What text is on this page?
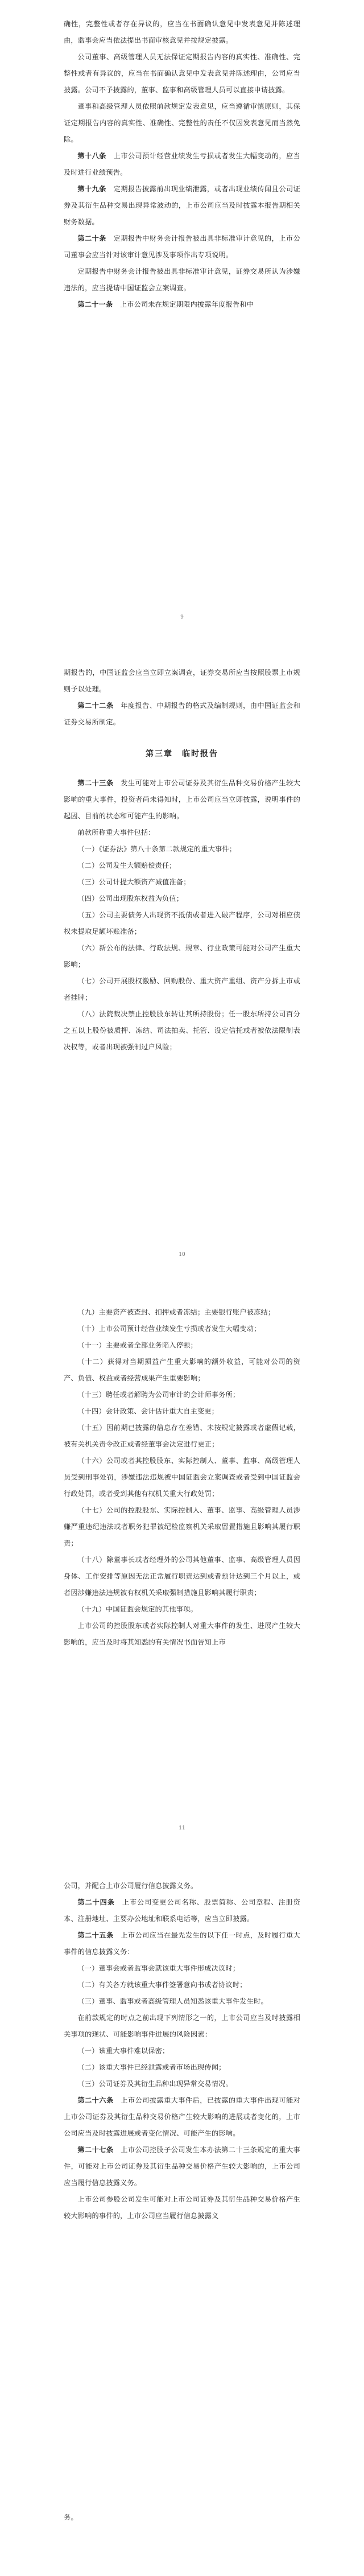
确性，完整性或者存在异议的，应当在书面确认意见中发表意见并陈述理由，监事会应当依法提出书面审核意见并按规定披露。

公司董事、高级管理人员无法保证定期报告内容的真实性、准确性、完整性或者有异议的，应当在书面确认意见中发表意见并陈述理由，公司应当披露。公司不予披露的，董事、监事和高级管理人员可以直接申请披露。

董事和高级管理人员依照前款规定发表意见，应当遵循审慎原则，其保证定期报告内容的真实性、准确性、完整性的责任不仅因发表意见而当然免除。

第十八条　 上市公司预计经营业绩发生亏损或者发生大幅变动的，应当及时进行业绩预告。

第十九条　 定期报告披露前出现业绩泄露，或者出现业绩传闻且公司证券及其衍生品种交易出现异常波动的，上市公司应当及时披露本报告期相关财务数据。

第二十条　 定期报告中财务会计报告被出具非标准审计意见的，上市公司董事会应当针对该审计意见涉及事项作出专项说明。

定期报告中财务会计报告被出具非标准审计意见，证券交易所认为涉嫌违法的，应当提请中国证监会立案调查。

第二十一条　 上市公司未在规定期限内披露年度报告和中

9

期报告的，中国证监会应当立即立案调查，证券交易所应当按照股票上市规则予以处理。

第二十二条　 年度报告、中期报告的格式及编制规则，由中国证监会和证券交易所制定。

第三章　临时报告

第二十三条　 发生可能对上市公司证券及其衍生品种交易价格产生较大影响的重大事件，投资者尚未得知时，上市公司应当立即披露，说明事件的起因、目前的状态和可能产生的影响。

前款所称重大事件包括：

（一）《证券法》第八十条第二款规定的重大事件；

（二）公司发生大额赔偿责任；

（三）公司计提大额资产减值准备；

（四）公司出现股东权益为负值；

（五）公司主要债务人出现资不抵债或者进入破产程序，公司对相应债权未提取足额坏账准备；

（六）新公布的法律、行政法规、规章、行业政策可能对公司产生重大影响；

（七）公司开展股权激励、回购股份、重大资产重组、资产分拆上市或者挂牌；

（八）法院裁决禁止控股股东转让其所持股份；任一股东所持公司百分之五以上股份被质押、冻结、司法拍卖、托管、设定信托或者被依法限制表决权等，或者出现被强制过户风险；

10

（九）主要资产被查封、扣押或者冻结；主要银行账户被冻结；

（十）上市公司预计经营业绩发生亏损或者发生大幅变动；

（十一）主要或者全部业务陷入停顿；

（十二）获得对当期损益产生重大影响的额外收益，可能对公司的资产、负债、权益或者经营成果产生重要影响；

（十三）聘任或者解聘为公司审计的会计师事务所；

（十四）会计政策、会计估计重大自主变更；

（十五）因前期已披露的信息存在差错、未按规定披露或者虚假记载，被有关机关责令改正或者经董事会决定进行更正；

（十六）公司或者其控股股东、实际控制人、董事、监事、高级管理人员受到刑事处罚，涉嫌违法违规被中国证监会立案调查或者受到中国证监会行政处罚，或者受到其他有权机关重大行政处罚；

（十七）公司的控股股东、实际控制人、董事、监事、高级管理人员涉嫌严重违纪违法或者职务犯罪被纪检监察机关采取留置措施且影响其履行职责；

（十八）除董事长或者经理外的公司其他董事、监事、高级管理人员因身体、工作安排等原因无法正常履行职责达到或者预计达到三个月以上，或者因涉嫌违法违规被有权机关采取强制措施且影响其履行职责；

（十九）中国证监会规定的其他事项。

上市公司的控股股东或者实际控制人对重大事件的发生、进展产生较大影响的，应当及时将其知悉的有关情况书面告知上市

11

公司，并配合上市公司履行信息披露义务。

第二十四条　 上市公司变更公司名称、股票简称、公司章程、注册资本、注册地址、主要办公地址和联系电话等，应当立即披露。

第二十五条　 上市公司应当在最先发生的以下任一时点，及时履行重大事件的信息披露义务：

（一）董事会或者监事会就该重大事件形成决议时；

（二）有关各方就该重大事件签署意向书或者协议时；

（三）董事、监事或者高级管理人员知悉该重大事件发生时。

在前款规定的时点之前出现下列情形之一的，上市公司应当及时披露相关事项的现状、可能影响事件进展的风险因素：

（一）该重大事件难以保密；

（二）该重大事件已经泄露或者市场出现传闻；

（三）公司证券及其衍生品种出现异常交易情况。

第二十六条　 上市公司披露重大事件后，已披露的重大事件出现可能对上市公司证券及其衍生品种交易价格产生较大影响的进展或者变化的，上市公司应当及时披露进展或者变化情况、可能产生的影响。

第二十七条　 上市公司控股子公司发生本办法第二十三条规定的重大事件，可能对上市公司证券及其衍生品种交易价格产生较大影响的，上市公司应当履行信息披露义务。

上市公司参股公司发生可能对上市公司证券及其衍生品种交易价格产生较大影响的事件的，上市公司应当履行信息披露义

务。
